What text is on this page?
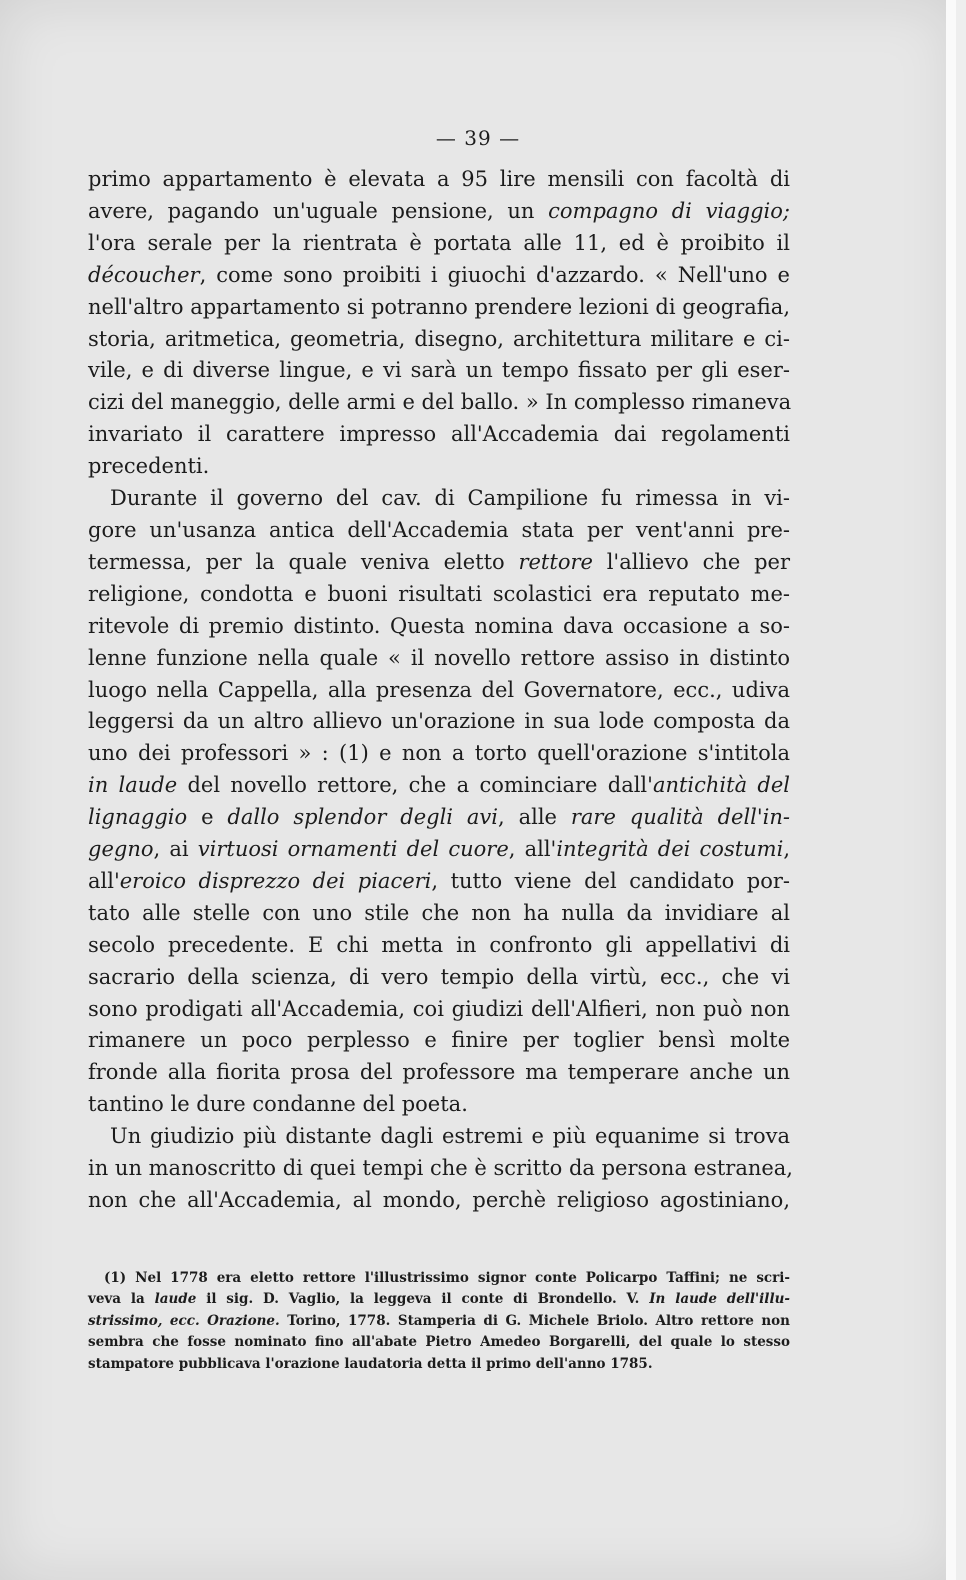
— 39 —
primo appartamento è elevata a 95 lire mensili con facoltà di
avere, pagando un'uguale pensione, un compagno di viaggio;
l'ora serale per la rientrata è portata alle 11, ed è proibito il
découcher, come sono proibiti i giuochi d'azzardo. « Nell'uno e
nell'altro appartamento si potranno prendere lezioni di geografia,
storia, aritmetica, geometria, disegno, architettura militare e ci-
vile, e di diverse lingue, e vi sarà un tempo fissato per gli eser-
cizi del maneggio, delle armi e del ballo. » In complesso rimaneva
invariato il carattere impresso all'Accademia dai regolamenti
precedenti.
Durante il governo del cav. di Campilione fu rimessa in vi-
gore un'usanza antica dell'Accademia stata per vent'anni pre-
termessa, per la quale veniva eletto rettore l'allievo che per
religione, condotta e buoni risultati scolastici era reputato me-
ritevole di premio distinto. Questa nomina dava occasione a so-
lenne funzione nella quale « il novello rettore assiso in distinto
luogo nella Cappella, alla presenza del Governatore, ecc., udiva
leggersi da un altro allievo un'orazione in sua lode composta da
uno dei professori » : (1) e non a torto quell'orazione s'intitola
in laude del novello rettore, che a cominciare dall'antichità del
lignaggio e dallo splendor degli avi, alle rare qualità dell'in-
gegno, ai virtuosi ornamenti del cuore, all'integrità dei costumi,
all'eroico disprezzo dei piaceri, tutto viene del candidato por-
tato alle stelle con uno stile che non ha nulla da invidiare al
secolo precedente. E chi metta in confronto gli appellativi di
sacrario della scienza, di vero tempio della virtù, ecc., che vi
sono prodigati all'Accademia, coi giudizi dell'Alfieri, non può non
rimanere un poco perplesso e finire per toglier bensì molte
fronde alla fiorita prosa del professore ma temperare anche un
tantino le dure condanne del poeta.
Un giudizio più distante dagli estremi e più equanime si trova
in un manoscritto di quei tempi che è scritto da persona estranea,
non che all'Accademia, al mondo, perchè religioso agostiniano,
(1) Nel 1778 era eletto rettore l'illustrissimo signor conte Policarpo Taffini; ne scri-
veva la laude il sig. D. Vaglio, la leggeva il conte di Brondello. V. In laude dell'illu-
strissimo, ecc. Orazione. Torino, 1778. Stamperia di G. Michele Briolo. Altro rettore non
sembra che fosse nominato fino all'abate Pietro Amedeo Borgarelli, del quale lo stesso
stampatore pubblicava l'orazione laudatoria detta il primo dell'anno 1785.
